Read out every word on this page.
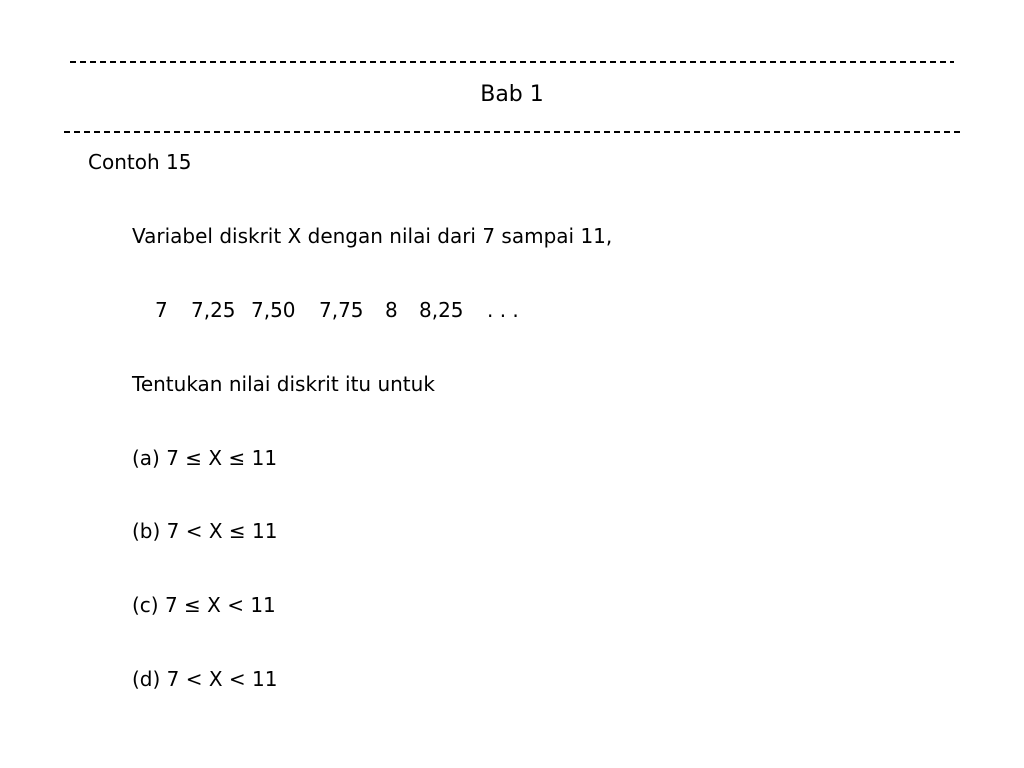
Bab 1

Contoh 15

Variabel diskrit X dengan nilai dari 7 sampai 11,

7	7,25 7,50	7,75	8	8,25	. . .

Tentukan nilai diskrit itu untuk

(a) 7 ≤ X ≤ 11

(b) 7 < X ≤ 11

(c) 7 ≤ X < 11

(d) 7 < X < 11
